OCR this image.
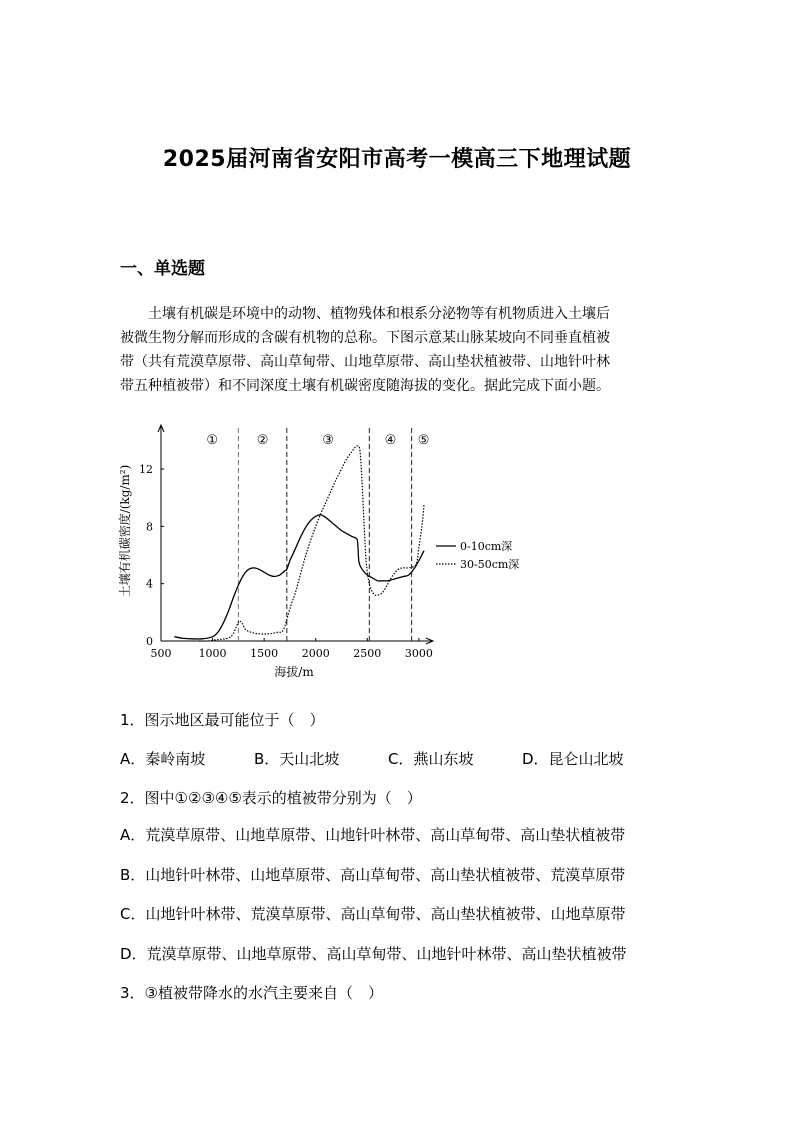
2025届河南省安阳市高考一模高三下地理试题
一、单选题
　　土壤有机碳是环境中的动物、植物残体和根系分泌物等有机物质进入土壤后
被微生物分解而形成的含碳有机物的总称。下图示意某山脉某坡向不同垂直植被
带（共有荒漠草原带、高山草甸带、山地草原带、高山垫状植被带、山地针叶林
带五种植被带）和不同深度土壤有机碳密度随海拔的变化。据此完成下面小题。
500 1000 1500 2000 2500 3000
0
4
8
12
①	②	③	④ ⑤
0-10cm深
30-50cm深
土壤有机碳密度/(kg/m²)
海拔/m
1．图示地区最可能位于（　）
A．秦岭南坡	B．天山北坡	C．燕山东坡	D．昆仑山北坡
2．图中①②③④⑤表示的植被带分别为（　）
A．荒漠草原带、山地草原带、山地针叶林带、高山草甸带、高山垫状植被带
B．山地针叶林带、山地草原带、高山草甸带、高山垫状植被带、荒漠草原带
C．山地针叶林带、荒漠草原带、高山草甸带、高山垫状植被带、山地草原带
D．荒漠草原带、山地草原带、高山草甸带、山地针叶林带、高山垫状植被带
3．③植被带降水的水汽主要来自（　）
